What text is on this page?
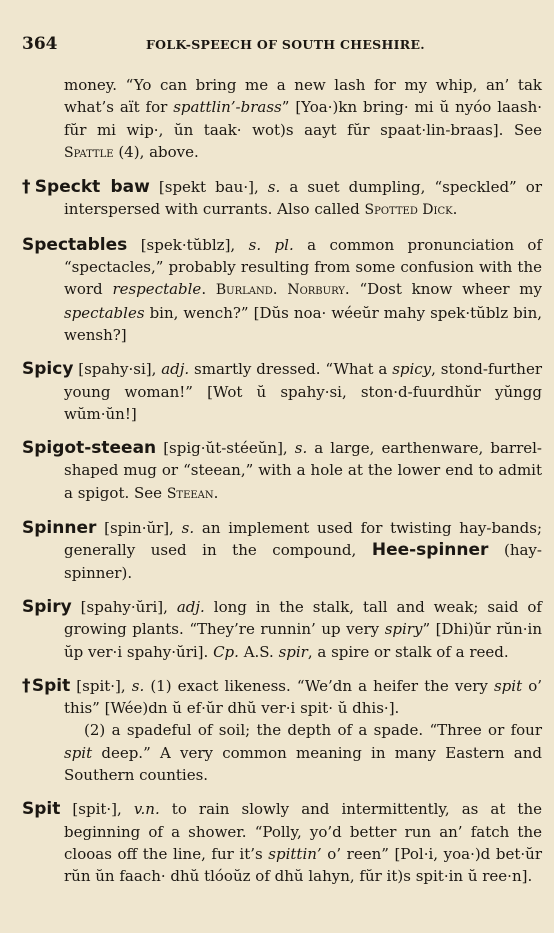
364	FOLK-SPEECH OF SOUTH CHESHIRE.

money. “Yo can bring me a new lash for my whip, an’ tak what’s aït for spattlin’-brass” [Yoa·)kn bring· mi ŭ nyóo laash· fŭr mi wip·, ŭn taak· wot)s aayt fŭr spaat·lin-braas]. See Spattle (4), above.

†Speckt baw [spekt bau·], s. a suet dumpling, “speckled” or interspersed with currants. Also called Spotted Dick.

Spectables [spek·tŭblz], s. pl. a common pronunciation of “spectacles,” probably resulting from some confusion with the word respectable. Burland. Norbury. “Dost know wheer my spectables bin, wench?” [Dŭs noa· wéeŭr mahy spek·tŭblz bin, wensh?]

Spicy [spahy·si], adj. smartly dressed. “What a spicy, stond-further young woman!” [Wot ŭ spahy·si, ston·d-fuurdhŭr yŭngg wŭm·ŭn!]

Spigot-steean [spig·ŭt-stéeŭn], s. a large, earthenware, barrel-shaped mug or “steean,” with a hole at the lower end to admit a spigot. See Steean.

Spinner [spin·ŭr], s. an implement used for twisting hay-bands; generally used in the compound, Hee-spinner (hay-spinner).

Spiry [spahy·ŭri], adj. long in the stalk, tall and weak; said of growing plants. “They’re runnin’ up very spiry” [Dhi)ŭr rŭn·in ŭp ver·i spahy·ŭri]. Cp. A.S. spir, a spire or stalk of a reed.

†Spit [spit·], s. (1) exact likeness. “We’dn a heifer the very spit o’ this” [Wée)dn ŭ ef·ŭr dhŭ ver·i spit· ŭ dhis·].
(2) a spadeful of soil; the depth of a spade. “Three or four spit deep.” A very common meaning in many Eastern and Southern counties.

Spit [spit·], v.n. to rain slowly and intermittently, as at the beginning of a shower. “Polly, yo’d better run an’ fatch the clooas off the line, fur it’s spittin’ o’ reen” [Pol·i, yoa·)d bet·ŭr rŭn ŭn faach· dhŭ tlóoŭz of dhŭ lahyn, fŭr it)s spit·in ŭ ree·n].
